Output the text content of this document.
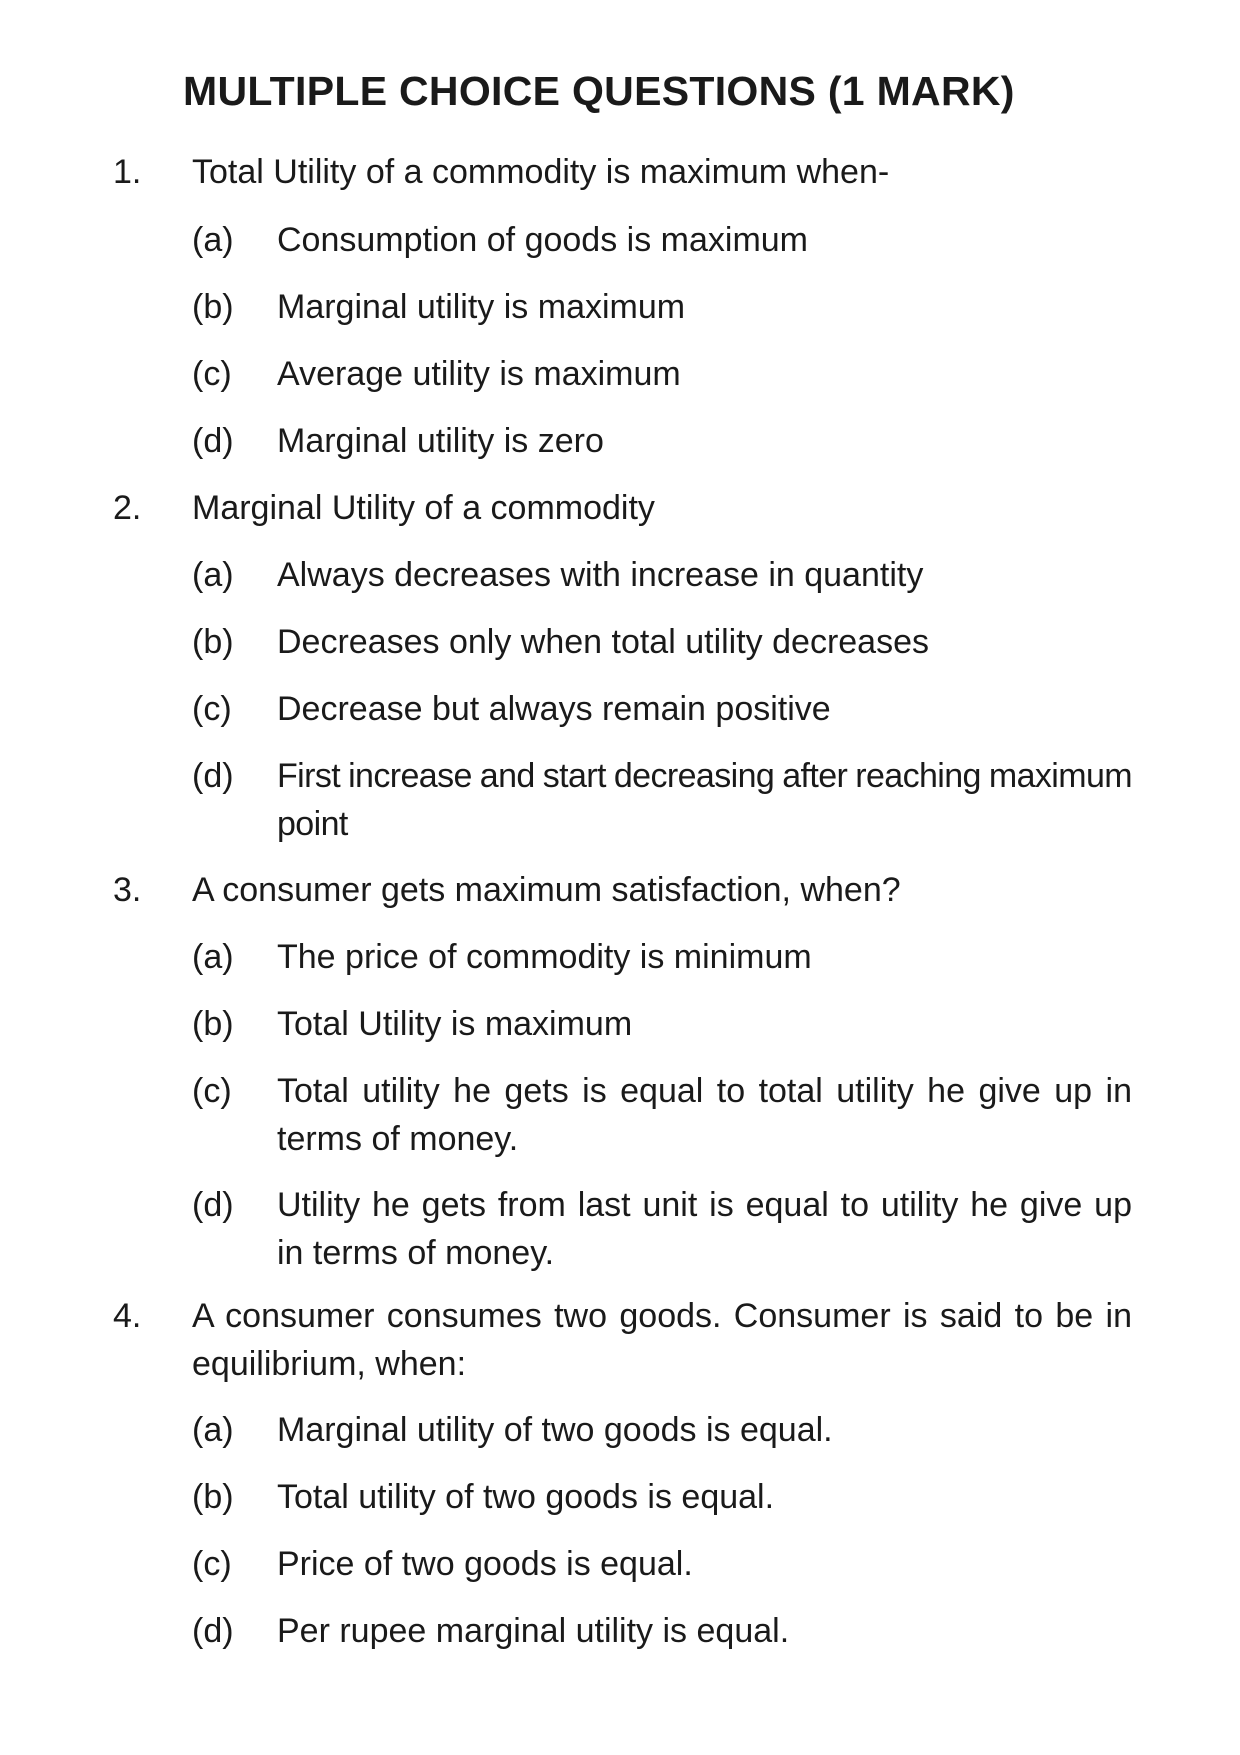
MULTIPLE CHOICE QUESTIONS (1 MARK)
1. Total Utility of a commodity is maximum when-
(a) Consumption of goods is maximum
(b) Marginal utility is maximum
(c) Average utility is maximum
(d) Marginal utility is zero
2. Marginal Utility of a commodity
(a) Always decreases with increase in quantity
(b) Decreases only when total utility decreases
(c) Decrease but always remain positive
(d) First increase and start decreasing after reaching maximum point
3. A consumer gets maximum satisfaction, when?
(a) The price of commodity is minimum
(b) Total Utility is maximum
(c) Total utility he gets is equal to total utility he give up in terms of money.
(d) Utility he gets from last unit is equal to utility he give up in terms of money.
4. A consumer consumes two goods. Consumer is said to be in equilibrium, when:
(a) Marginal utility of two goods is equal.
(b) Total utility of two goods is equal.
(c) Price of two goods is equal.
(d) Per rupee marginal utility is equal.
